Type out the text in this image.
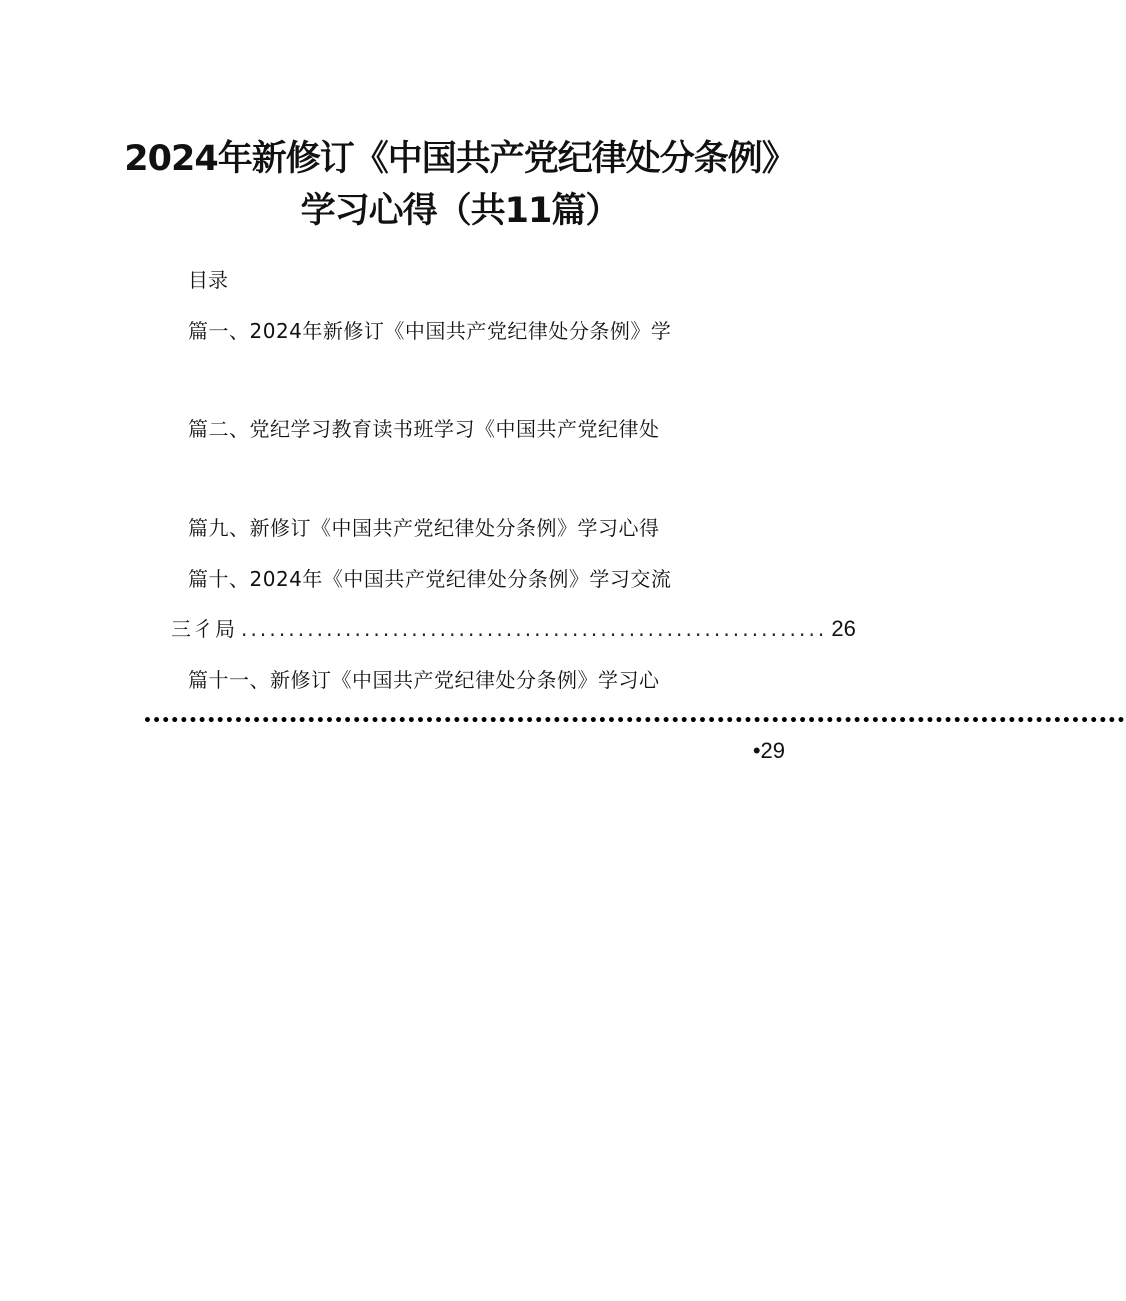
2024年新修订《中国共产党纪律处分条例》
学习心得（共11篇）
目录
篇一、2024年新修订《中国共产党纪律处分条例》学
篇二、党纪学习教育读书班学习《中国共产党纪律处
篇九、新修订《中国共产党纪律处分条例》学习心得
篇十、2024年《中国共产党纪律处分条例》学习交流
三彳局 .............................................................. 26
篇十一、新修订《中国共产党纪律处分条例》学习心
••••••••••••••••••••••••••••••••••••••••••••••••••••••••••••••••••••••••••••••••••••••••••••••••••••••••••••
•29
